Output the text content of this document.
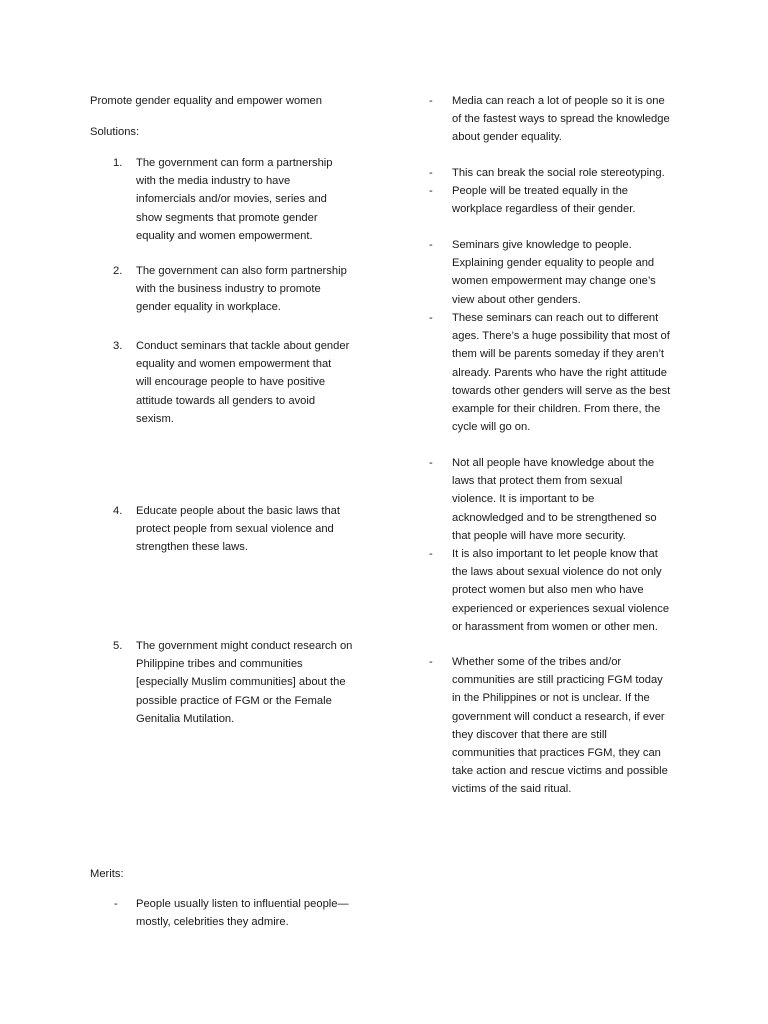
Promote gender equality and empower women
Solutions:
1. The government can form a partnership
with the media industry to have
infomercials and/or movies, series and
show segments that promote gender
equality and women empowerment.
2. The government can also form partnership
with the business industry to promote
gender equality in workplace.
3. Conduct seminars that tackle about gender
equality and women empowerment that
will encourage people to have positive
attitude towards all genders to avoid
sexism.
4. Educate people about the basic laws that
protect people from sexual violence and
strengthen these laws.
5. The government might conduct research on
Philippine tribes and communities
[especially Muslim communities] about the
possible practice of FGM or the Female
Genitalia Mutilation.
Merits:
- People usually listen to influential people—
mostly, celebrities they admire.
- Media can reach a lot of people so it is one
of the fastest ways to spread the knowledge
about gender equality.
- This can break the social role stereotyping.
- People will be treated equally in the
workplace regardless of their gender.
- Seminars give knowledge to people.
Explaining gender equality to people and
women empowerment may change one’s
view about other genders.
- These seminars can reach out to different
ages. There’s a huge possibility that most of
them will be parents someday if they aren’t
already. Parents who have the right attitude
towards other genders will serve as the best
example for their children. From there, the
cycle will go on.
- Not all people have knowledge about the
laws that protect them from sexual
violence. It is important to be
acknowledged and to be strengthened so
that people will have more security.
- It is also important to let people know that
the laws about sexual violence do not only
protect women but also men who have
experienced or experiences sexual violence
or harassment from women or other men.
- Whether some of the tribes and/or
communities are still practicing FGM today
in the Philippines or not is unclear. If the
government will conduct a research, if ever
they discover that there are still
communities that practices FGM, they can
take action and rescue victims and possible
victims of the said ritual.
